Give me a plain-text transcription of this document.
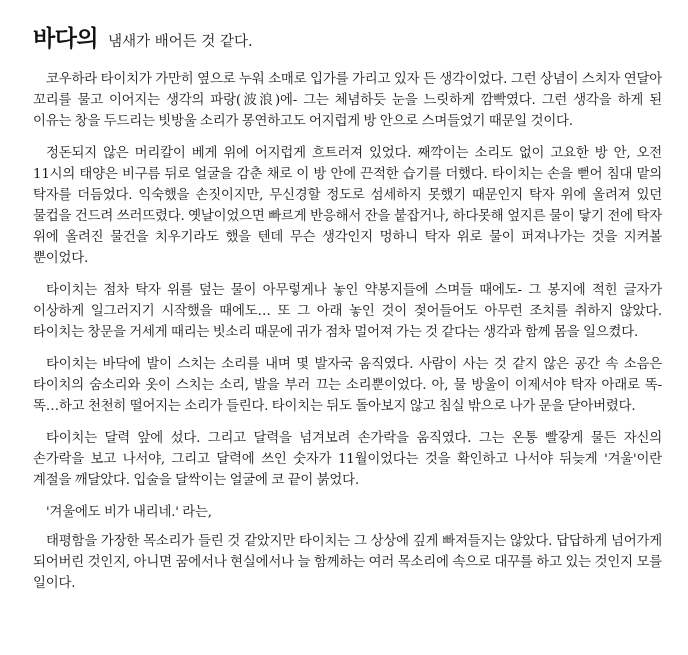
바다의 냄새가 배어든 것 같다.

코우하라 타이치가 가만히 옆으로 누워 소매로 입가를 가리고 있자 든 생각이었다. 그런 상념이 스치자 연달아 꼬리를 물고 이어지는 생각의 파랑(波浪)에- 그는 체념하듯 눈을 느릿하게 깜빡였다. 그런 생각을 하게 된 이유는 창을 두드리는 빗방울 소리가 몽연하고도 어지럽게 방 안으로 스며들었기 때문일 것이다.

정돈되지 않은 머리칼이 베게 위에 어지럽게 흐트러져 있었다. 째깍이는 소리도 없이 고요한 방 안, 오전 11시의 태양은 비구름 뒤로 얼굴을 감춘 채로 이 방 안에 끈적한 습기를 더했다. 타이치는 손을 뻗어 침대 맡의 탁자를 더듬었다. 익숙했을 손짓이지만, 무신경할 정도로 섬세하지 못했기 때문인지 탁자 위에 올려져 있던 물컵을 건드려 쓰러뜨렸다. 옛날이었으면 빠르게 반응해서 잔을 붙잡거나, 하다못해 엎지른 물이 닿기 전에 탁자 위에 올려진 물건을 치우기라도 했을 텐데 무슨 생각인지 멍하니 탁자 위로 물이 퍼져나가는 것을 지켜볼 뿐이었다.

타이치는 점차 탁자 위를 덮는 물이 아무렇게나 놓인 약봉지들에 스며들 때에도- 그 봉지에 적힌 글자가 이상하게 일그러지기 시작했을 때에도… 또 그 아래 놓인 것이 젖어들어도 아무런 조치를 취하지 않았다. 타이치는 창문을 거세게 때리는 빗소리 때문에 귀가 점차 멀어져 가는 것 같다는 생각과 함께 몸을 일으켰다.

타이치는 바닥에 발이 스치는 소리를 내며 몇 발자국 움직였다. 사람이 사는 것 같지 않은 공간 속 소음은 타이치의 숨소리와 옷이 스치는 소리, 발을 부러 끄는 소리뿐이었다. 아, 물 방울이 이제서야 탁자 아래로 똑-똑…하고 천천히 떨어지는 소리가 들린다. 타이치는 뒤도 돌아보지 않고 침실 밖으로 나가 문을 닫아버렸다.

타이치는 달력 앞에 섰다. 그리고 달력을 넘겨보려 손가락을 움직였다. 그는 온통 빨갛게 물든 자신의 손가락을 보고 나서야, 그리고 달력에 쓰인 숫자가 11월이었다는 것을 확인하고 나서야 뒤늦게 '겨울'이란 계절을 깨달았다. 입술을 달싹이는 얼굴에 코 끝이 붉었다.

'겨울에도 비가 내리네.' 라는,

태평함을 가장한 목소리가 들린 것 같았지만 타이치는 그 상상에 깊게 빠져들지는 않았다. 답답하게 넘어가게 되어버린 것인지, 아니면 꿈에서나 현실에서나 늘 함께하는 여러 목소리에 속으로 대꾸를 하고 있는 것인지 모를 일이다.
